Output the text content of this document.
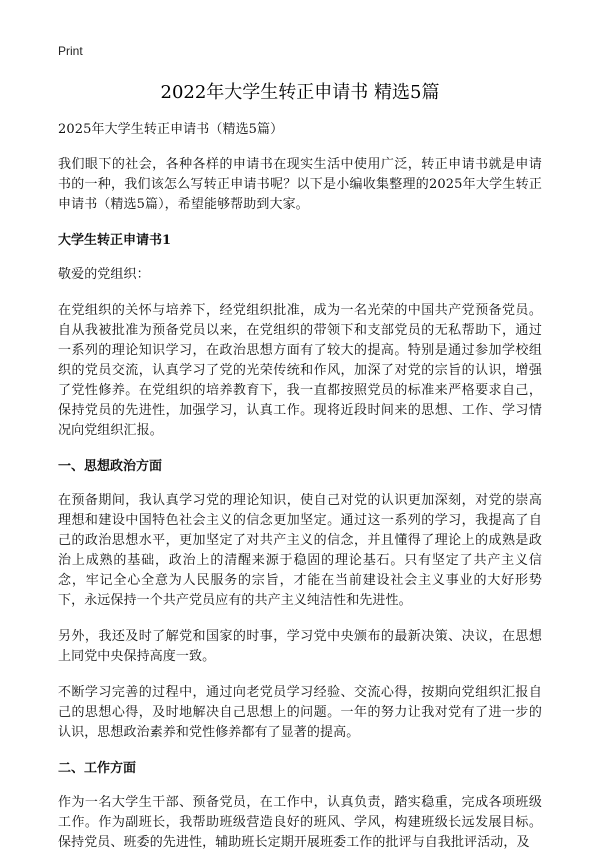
Print
2022年大学生转正申请书 精选5篇

2025年大学生转正申请书（精选5篇）

我们眼下的社会，各种各样的申请书在现实生活中使用广泛，转正申请书就是申请书的一种，我们该怎么写转正申请书呢？以下是小编收集整理的2025年大学生转正申请书（精选5篇），希望能够帮助到大家。

大学生转正申请书1

敬爱的党组织：

在党组织的关怀与培养下，经党组织批准，成为一名光荣的中国共产党预备党员。自从我被批准为预备党员以来，在党组织的带领下和支部党员的无私帮助下，通过一系列的理论知识学习，在政治思想方面有了较大的提高。特别是通过参加学校组织的党员交流，认真学习了党的光荣传统和作风，加深了对党的宗旨的认识，增强了党性修养。在党组织的培养教育下，我一直都按照党员的标准来严格要求自己，保持党员的先进性，加强学习，认真工作。现将近段时间来的思想、工作、学习情况向党组织汇报。

一、思想政治方面

在预备期间，我认真学习党的理论知识，使自己对党的认识更加深刻，对党的崇高理想和建设中国特色社会主义的信念更加坚定。通过这一系列的学习，我提高了自己的政治思想水平，更加坚定了对共产主义的信念，并且懂得了理论上的成熟是政治上成熟的基础，政治上的清醒来源于稳固的理论基石。只有坚定了共产主义信念，牢记全心全意为人民服务的宗旨，才能在当前建设社会主义事业的大好形势下，永远保持一个共产党员应有的共产主义纯洁性和先进性。

另外，我还及时了解党和国家的时事，学习党中央颁布的最新决策、决议，在思想上同党中央保持高度一致。

不断学习完善的过程中，通过向老党员学习经验、交流心得，按期向党组织汇报自己的思想心得，及时地解决自己思想上的问题。一年的努力让我对党有了进一步的认识，思想政治素养和党性修养都有了显著的提高。

二、工作方面

作为一名大学生干部、预备党员，在工作中，认真负责，踏实稳重，完成各项班级工作。作为副班长，我帮助班级营造良好的班风、学风，构建班级长远发展目标。保持党员、班委的先进性，辅助班长定期开展班委工作的批评与自我批评活动，及
